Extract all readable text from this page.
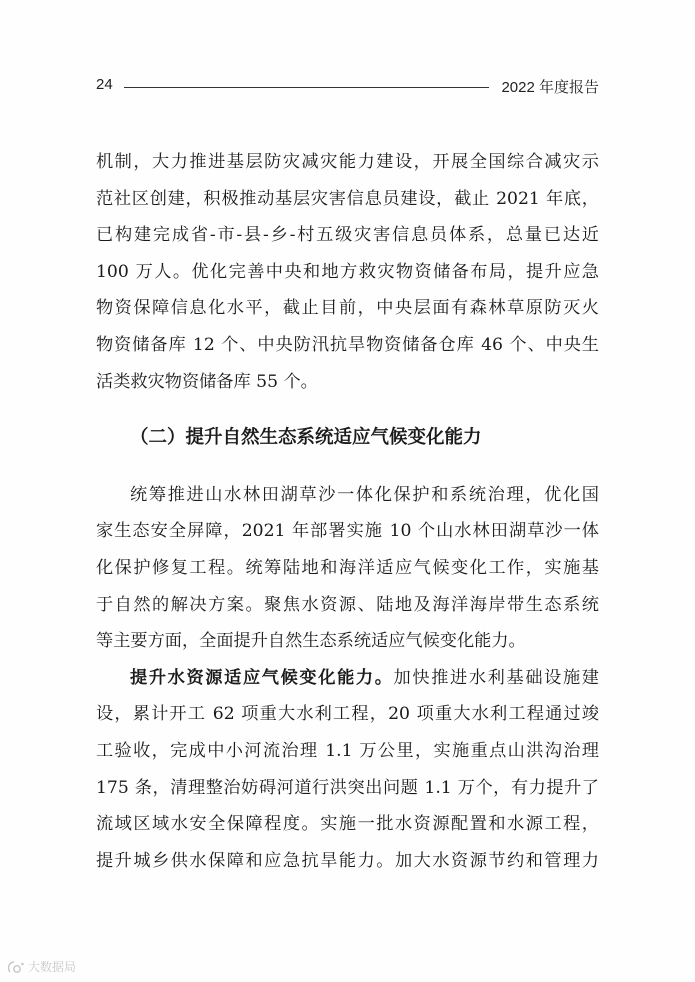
24	2022 年度报告
机制，大力推进基层防灾减灾能力建设，开展全国综合减灾示
范社区创建，积极推动基层灾害信息员建设，截止 2021 年底，
已构建完成省-市-县-乡-村五级灾害信息员体系，总量已达近
100 万人。优化完善中央和地方救灾物资储备布局，提升应急
物资保障信息化水平，截止目前，中央层面有森林草原防灭火
物资储备库 12 个、中央防汛抗旱物资储备仓库 46 个、中央生
活类救灾物资储备库 55 个。
（二）提升自然生态系统适应气候变化能力
统筹推进山水林田湖草沙一体化保护和系统治理，优化国
家生态安全屏障，2021 年部署实施 10 个山水林田湖草沙一体
化保护修复工程。统筹陆地和海洋适应气候变化工作，实施基
于自然的解决方案。聚焦水资源、陆地及海洋海岸带生态系统
等主要方面，全面提升自然生态系统适应气候变化能力。
提升水资源适应气候变化能力。加快推进水利基础设施建
设，累计开工 62 项重大水利工程，20 项重大水利工程通过竣
工验收，完成中小河流治理 1.1 万公里，实施重点山洪沟治理
175 条，清理整治妨碍河道行洪突出问题 1.1 万个，有力提升了
流域区域水安全保障程度。实施一批水资源配置和水源工程，
提升城乡供水保障和应急抗旱能力。加大水资源节约和管理力
大数据局
